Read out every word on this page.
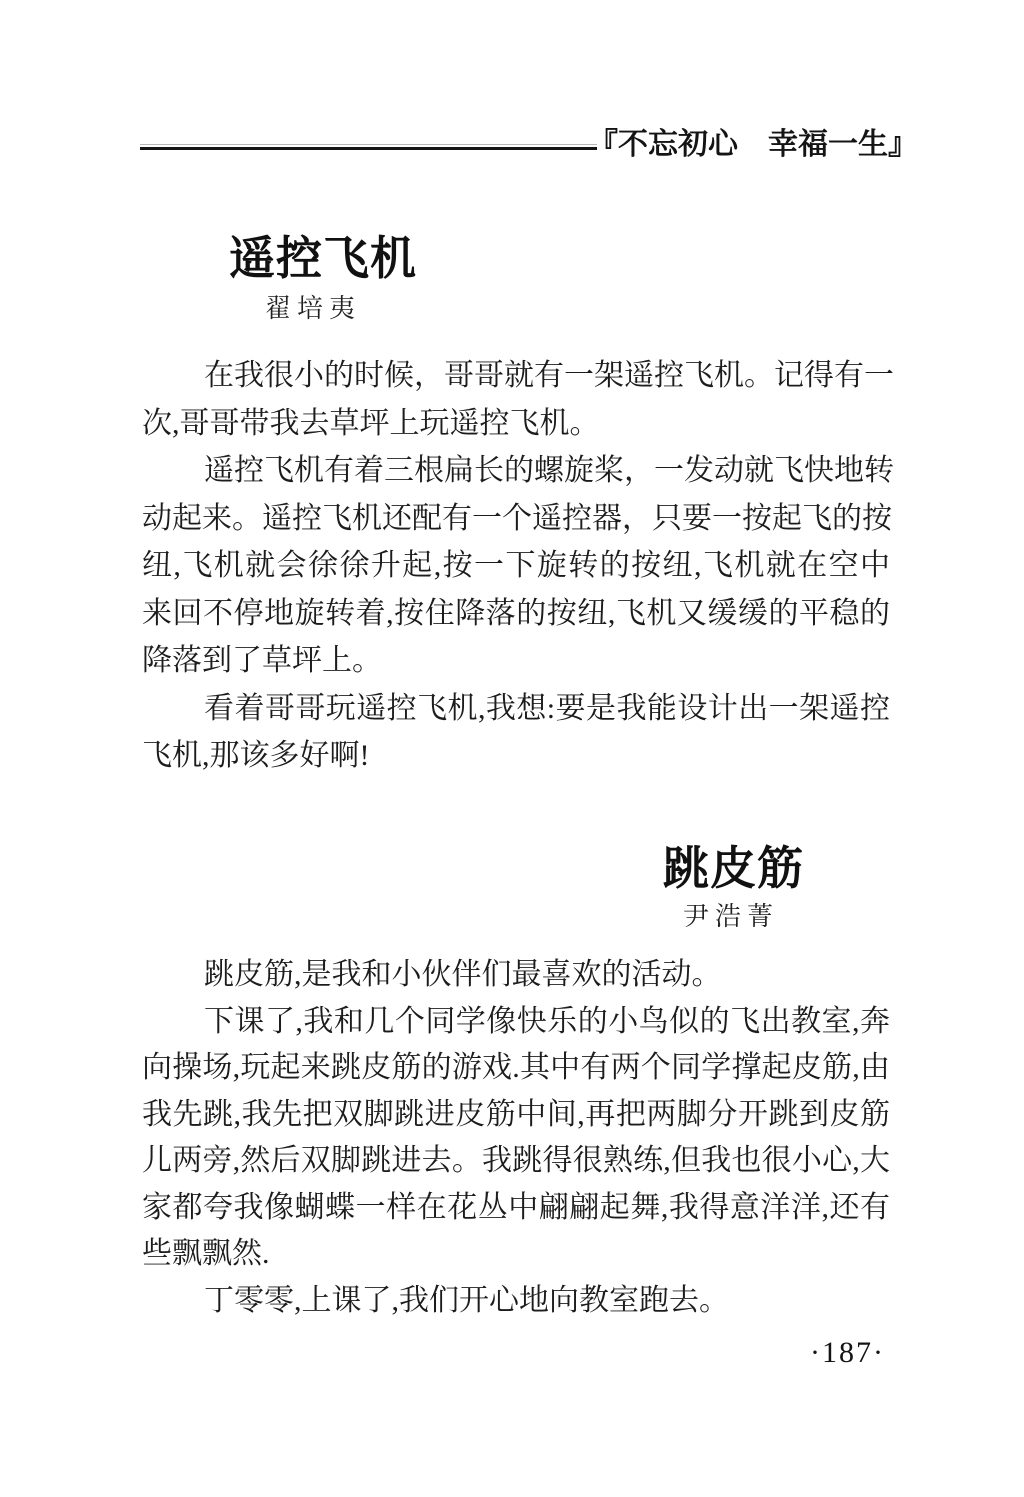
『不忘初心　幸福一生』
遥控飞机
翟培夷
在我很小的时候，哥哥就有一架遥控飞机。记得有一
次,哥哥带我去草坪上玩遥控飞机。
遥控飞机有着三根扁长的螺旋桨，一发动就飞快地转
动起来。遥控飞机还配有一个遥控器，只要一按起飞的按
纽,飞机就会徐徐升起,按一下旋转的按纽,飞机就在空中
来回不停地旋转着,按住降落的按纽,飞机又缓缓的平稳的
降落到了草坪上。
看着哥哥玩遥控飞机,我想:要是我能设计出一架遥控
飞机,那该多好啊!
跳皮筋
尹浩菁
跳皮筋,是我和小伙伴们最喜欢的活动。
下课了,我和几个同学像快乐的小鸟似的飞出教室,奔
向操场,玩起来跳皮筋的游戏.其中有两个同学撑起皮筋,由
我先跳,我先把双脚跳进皮筋中间,再把两脚分开跳到皮筋
儿两旁,然后双脚跳进去。我跳得很熟练,但我也很小心,大
家都夸我像蝴蝶一样在花丛中翩翩起舞,我得意洋洋,还有
些飘飘然.
丁零零,上课了,我们开心地向教室跑去。
·187·
